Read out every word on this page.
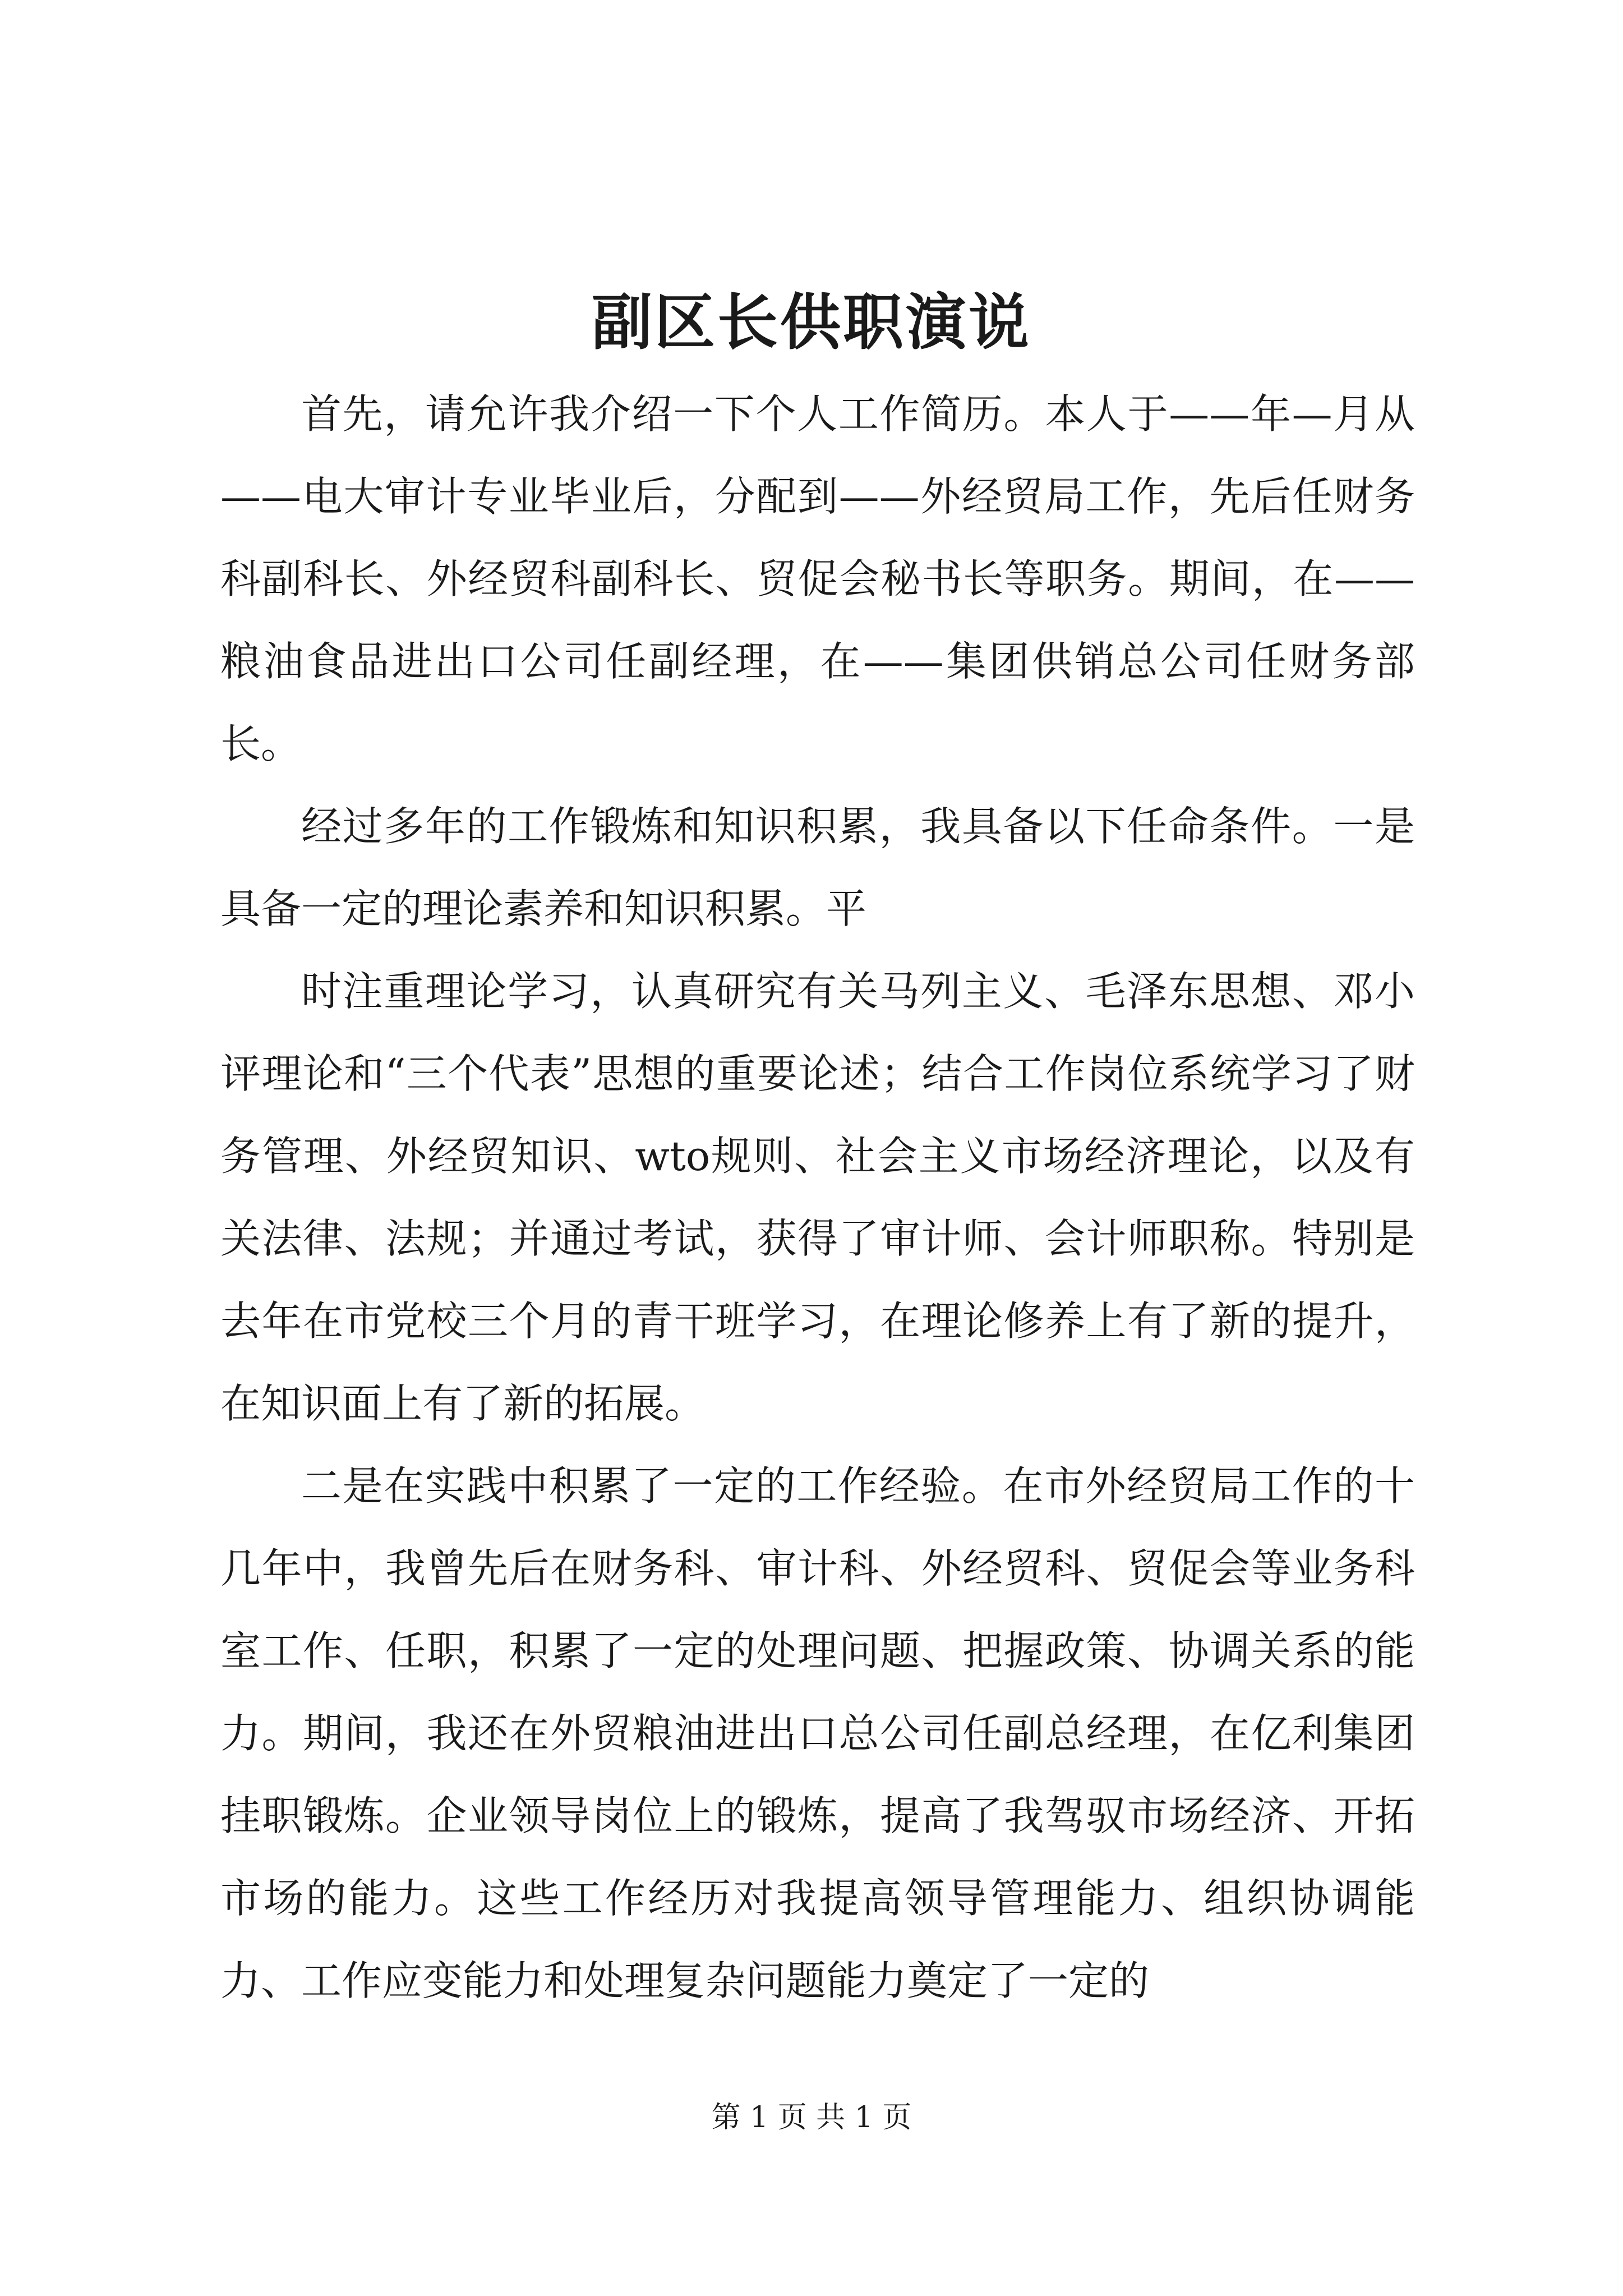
副区长供职演说

首先，请允许我介绍一下个人工作简历。本人于——年—月从——电大审计专业毕业后，分配到——外经贸局工作，先后任财务科副科长、外经贸科副科长、贸促会秘书长等职务。期间，在——粮油食品进出口公司任副经理，在——集团供销总公司任财务部长。

经过多年的工作锻炼和知识积累，我具备以下任命条件。一是具备一定的理论素养和知识积累。平

时注重理论学习，认真研究有关马列主义、毛泽东思想、邓小评理论和“三个代表”思想的重要论述；结合工作岗位系统学习了财务管理、外经贸知识、wto规则、社会主义市场经济理论，以及有关法律、法规；并通过考试，获得了审计师、会计师职称。特别是去年在市党校三个月的青干班学习，在理论修养上有了新的提升，在知识面上有了新的拓展。

二是在实践中积累了一定的工作经验。在市外经贸局工作的十几年中，我曾先后在财务科、审计科、外经贸科、贸促会等业务科室工作、任职，积累了一定的处理问题、把握政策、协调关系的能力。期间，我还在外贸粮油进出口总公司任副总经理，在亿利集团挂职锻炼。企业领导岗位上的锻炼，提高了我驾驭市场经济、开拓市场的能力。这些工作经历对我提高领导管理能力、组织协调能力、工作应变能力和处理复杂问题能力奠定了一定的

第 1 页 共 1 页
